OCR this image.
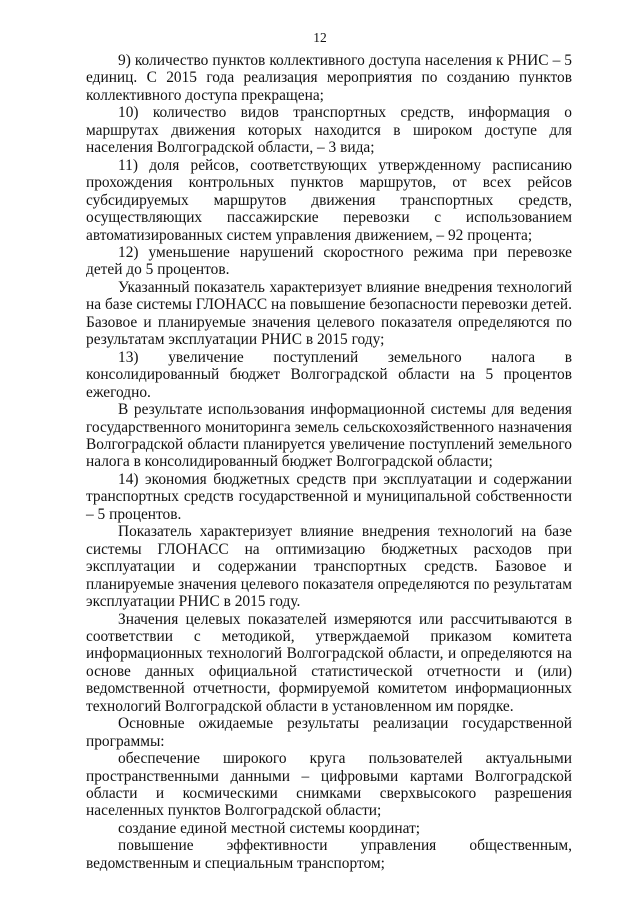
12

9) количество пунктов коллективного доступа населения к РНИС – 5 единиц. С 2015 года реализация мероприятия по созданию пунктов коллективного доступа прекращена;

10) количество видов транспортных средств, информация о маршрутах движения которых находится в широком доступе для населения Волгоградской области, – 3 вида;

11) доля рейсов, соответствующих утвержденному расписанию прохождения контрольных пунктов маршрутов, от всех рейсов субсидируемых маршрутов движения транспортных средств, осуществляющих пассажирские перевозки с использованием автоматизированных систем управления движением, – 92 процента;

12) уменьшение нарушений скоростного режима при перевозке детей до 5 процентов.

Указанный показатель характеризует влияние внедрения технологий на базе системы ГЛОНАСС на повышение безопасности перевозки детей. Базовое и планируемые значения целевого показателя определяются по результатам эксплуатации РНИС в 2015 году;

13) увеличение поступлений земельного налога в консолидированный бюджет Волгоградской области на 5 процентов ежегодно.

В результате использования информационной системы для ведения государственного мониторинга земель сельскохозяйственного назначения Волгоградской области планируется увеличение поступлений земельного налога в консолидированный бюджет Волгоградской области;

14) экономия бюджетных средств при эксплуатации и содержании транспортных средств государственной и муниципальной собственности – 5 процентов.

Показатель характеризует влияние внедрения технологий на базе системы ГЛОНАСС на оптимизацию бюджетных расходов при эксплуатации и содержании транспортных средств. Базовое и планируемые значения целевого показателя определяются по результатам эксплуатации РНИС в 2015 году.

Значения целевых показателей измеряются или рассчитываются в соответствии с методикой, утверждаемой приказом комитета информационных технологий Волгоградской области, и определяются на основе данных официальной статистической отчетности и (или) ведомственной отчетности, формируемой комитетом информационных технологий Волгоградской области в установленном им порядке.

Основные ожидаемые результаты реализации государственной программы:

обеспечение широкого круга пользователей актуальными пространственными данными – цифровыми картами Волгоградской области и космическими снимками сверхвысокого разрешения населенных пунктов Волгоградской области;

создание единой местной системы координат;

повышение эффективности управления общественным, ведомственным и специальным транспортом;
